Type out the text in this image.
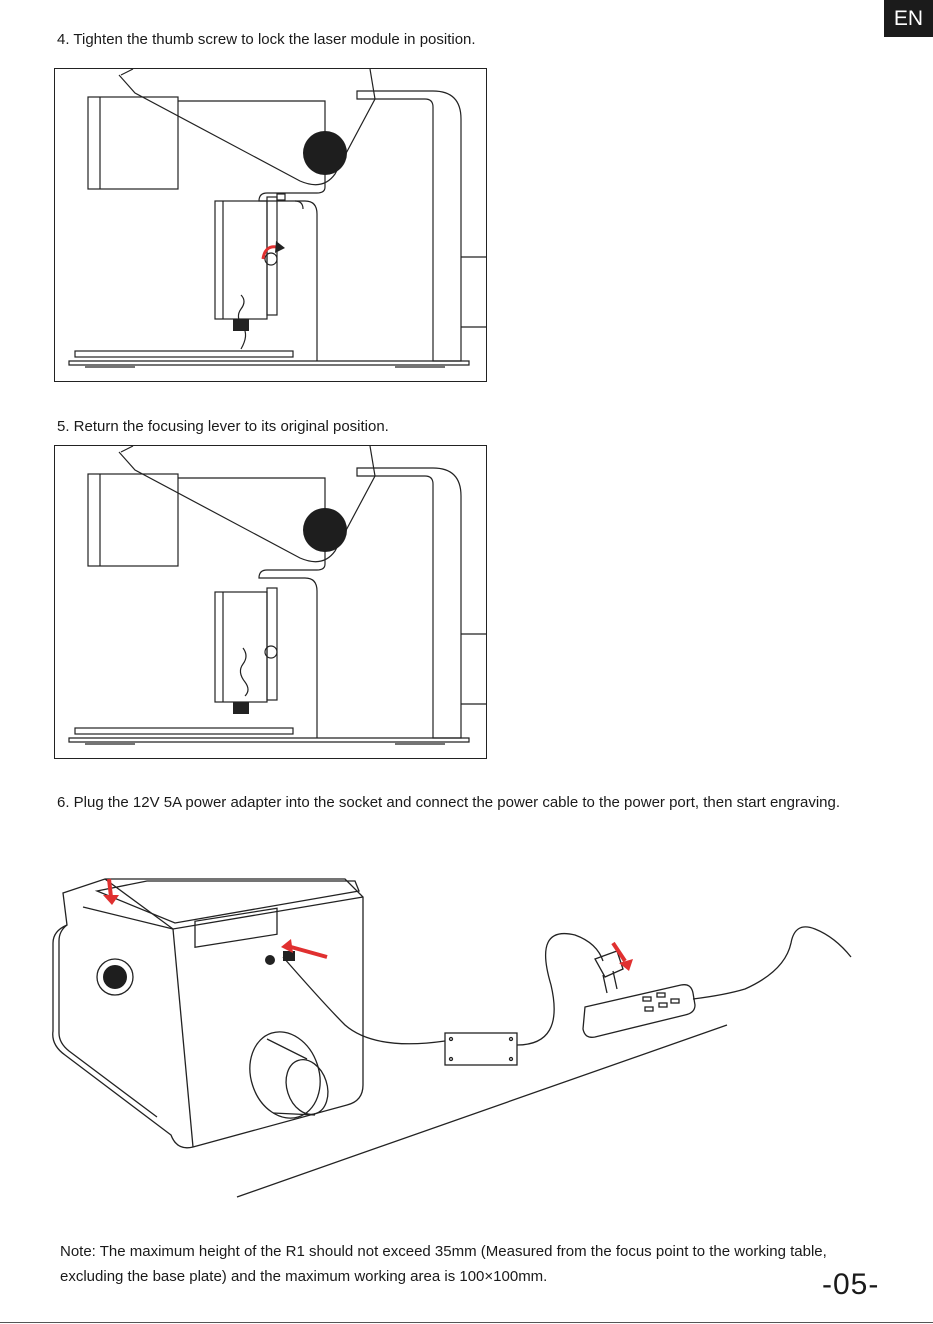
EN
4. Tighten the thumb screw to lock the laser module in position.
5. Return the focusing lever to its original position.
6. Plug the 12V 5A power adapter into the socket and connect the power cable to the power port, then start engraving.
Note: The maximum height of the R1 should not exceed 35mm (Measured from the focus point to the working table, excluding the base plate) and the maximum working area is 100×100mm.	-05-
